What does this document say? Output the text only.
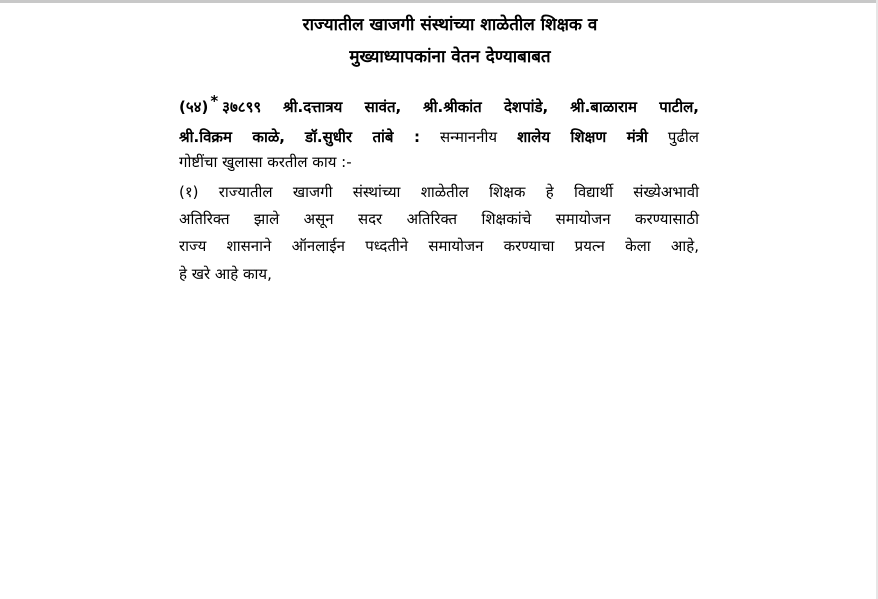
राज्यातील खाजगी संस्थांच्या शाळेतील शिक्षक व
मुख्याध्यापकांना वेतन देण्याबाबत
(५४) * ३७८९९ श्री.दत्तात्रय सावंत, श्री.श्रीकांत देशपांडे, श्री.बाळाराम पाटील,
श्री.विक्रम काळे, डॉ.सुधीर तांबे : सन्माननीय शालेय शिक्षण मंत्री पुढील
गोष्टींचा खुलासा करतील काय :-
(१) राज्यातील खाजगी संस्थांच्या शाळेतील शिक्षक हे विद्यार्थी संख्येअभावी
अतिरिक्त झाले असून सदर अतिरिक्त शिक्षकांचे समायोजन करण्यासाठी
राज्य शासनाने ऑनलाईन पध्दतीने समायोजन करण्याचा प्रयत्न केला आहे,
हे खरे आहे काय,
